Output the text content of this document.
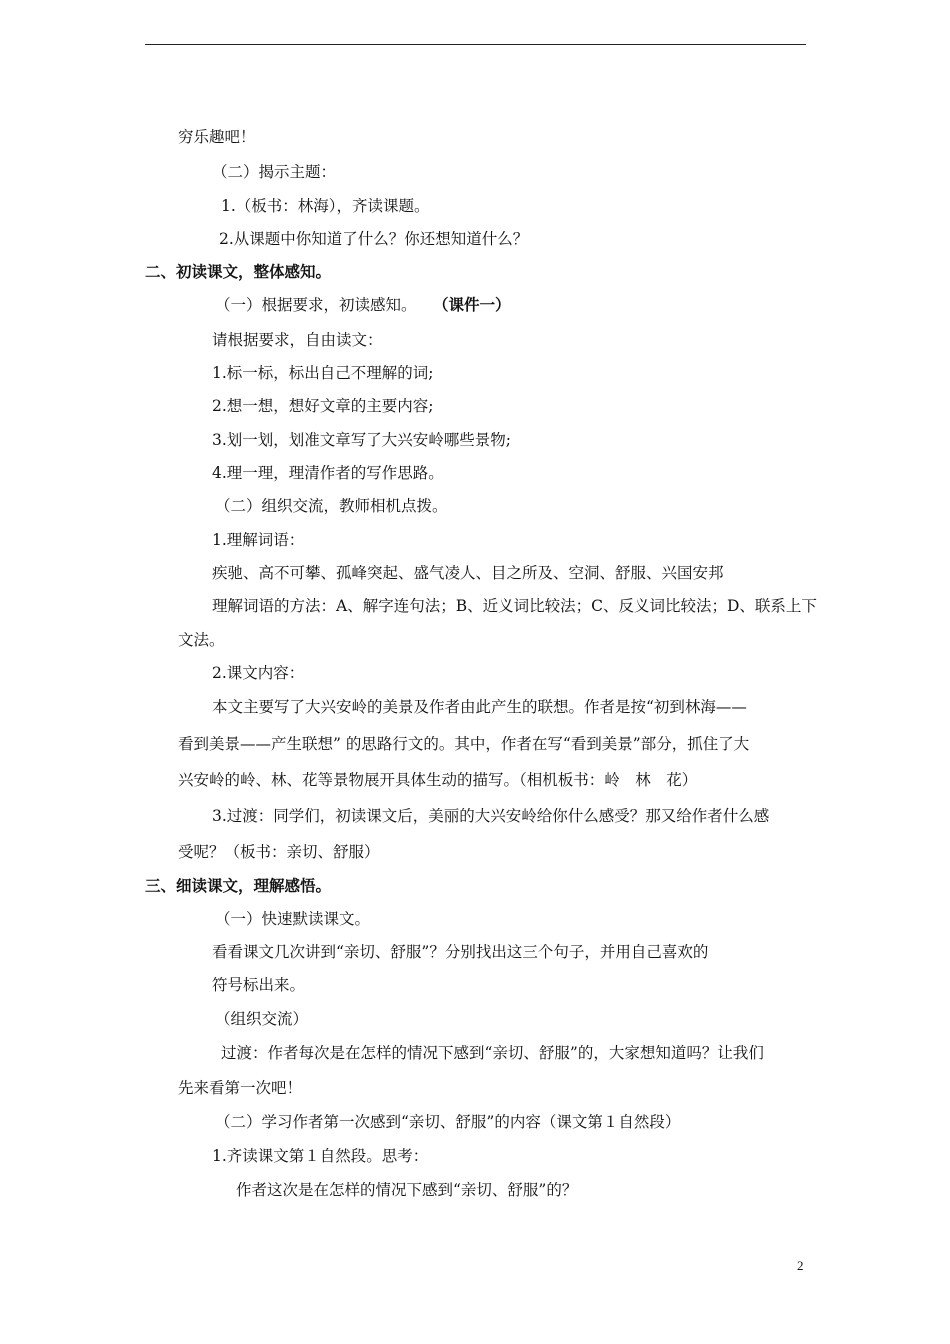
穷乐趣吧！
（二）揭示主题：
1.（板书：林海），齐读课题。
2.从课题中你知道了什么？你还想知道什么？
二、初读课文，整体感知。
（一）根据要求，初读感知。 （课件一）
请根据要求，自由读文：
1.标一标，标出自己不理解的词;
2.想一想，想好文章的主要内容;
3.划一划，划准文章写了大兴安岭哪些景物;
4.理一理，理清作者的写作思路。
（二）组织交流，教师相机点拨。
1.理解词语：
疾驰、高不可攀、孤峰突起、盛气凌人、目之所及、空洞、舒服、兴国安邦
理解词语的方法：A、解字连句法；B、近义词比较法；C、反义词比较法；D、联系上下
文法。
2.课文内容：
本文主要写了大兴安岭的美景及作者由此产生的联想。作者是按“初到林海——
看到美景——产生联想” 的思路行文的。其中，作者在写“看到美景”部分，抓住了大
兴安岭的岭、林、花等景物展开具体生动的描写。（相机板书：岭　林　花）
3.过渡：同学们，初读课文后，美丽的大兴安岭给你什么感受？那又给作者什么感
受呢？（板书：亲切、舒服）
三、细读课文，理解感悟。
（一）快速默读课文。
看看课文几次讲到“亲切、舒服”？分别找出这三个句子，并用自己喜欢的
符号标出来。
（组织交流）
过渡：作者每次是在怎样的情况下感到“亲切、舒服”的，大家想知道吗？让我们
先来看第一次吧！
（二）学习作者第一次感到“亲切、舒服”的内容（课文第１自然段）
1.齐读课文第１自然段。思考：
作者这次是在怎样的情况下感到“亲切、舒服”的？
2
